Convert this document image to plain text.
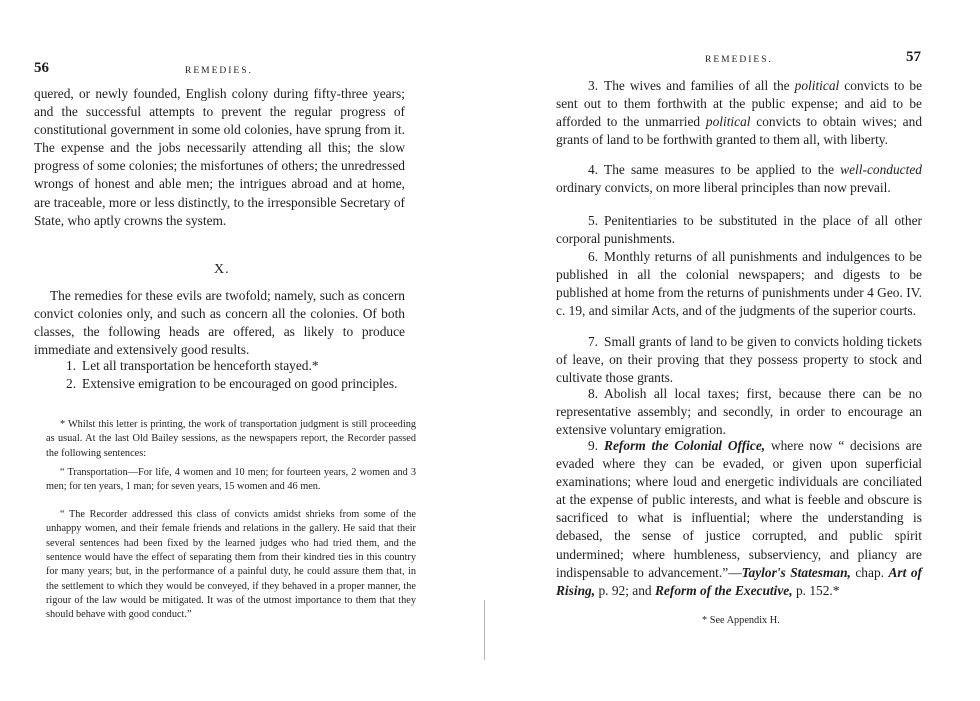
56	REMEDIES.

quered, or newly founded, English colony during fifty-three years; and the successful attempts to prevent the regular progress of constitutional government in some old colonies, have sprung from it. The expense and the jobs necessarily attending all this; the slow progress of some colonies; the misfortunes of others; the unredressed wrongs of honest and able men; the intrigues abroad and at home, are traceable, more or less distinctly, to the irresponsible Secretary of State, who aptly crowns the system.

X.

The remedies for these evils are twofold; namely, such as concern convict colonies only, and such as concern all the colonies. Of both classes, the following heads are offered, as likely to produce immediate and extensively good results.

1. Let all transportation be henceforth stayed.*

2. Extensive emigration to be encouraged on good principles.

* Whilst this letter is printing, the work of transportation judgment is still proceeding as usual. At the last Old Bailey sessions, as the newspapers report, the Recorder passed the following sentences:

“ Transportation—For life, 4 women and 10 men; for fourteen years, 2 women and 3 men; for ten years, 1 man; for seven years, 15 women and 46 men.

“ The Recorder addressed this class of convicts amidst shrieks from some of the unhappy women, and their female friends and relations in the gallery. He said that their several sentences had been fixed by the learned judges who had tried them, and the sentence would have the effect of separating them from their kindred ties in this country for many years; but, in the performance of a painful duty, he could assure them that, in the settlement to which they would be conveyed, if they behaved in a proper manner, the rigour of the law would be mitigated. It was of the utmost importance to them that they should behave with good conduct.”

REMEDIES.	57

3. The wives and families of all the political convicts to be sent out to them forthwith at the public expense; and aid to be afforded to the unmarried political convicts to obtain wives; and grants of land to be forthwith granted to them all, with liberty.

4. The same measures to be applied to the well-conducted ordinary convicts, on more liberal principles than now prevail.

5. Penitentiaries to be substituted in the place of all other corporal punishments.

6. Monthly returns of all punishments and indulgences to be published in all the colonial newspapers; and digests to be published at home from the returns of punishments under 4 Geo. IV. c. 19, and similar Acts, and of the judgments of the superior courts.

7. Small grants of land to be given to convicts holding tickets of leave, on their proving that they possess property to stock and cultivate those grants.

8. Abolish all local taxes; first, because there can be no representative assembly; and secondly, in order to encourage an extensive voluntary emigration.

9. Reform the Colonial Office, where now “ decisions are evaded where they can be evaded, or given upon superficial examinations; where loud and energetic individuals are conciliated at the expense of public interests, and what is feeble and obscure is sacrificed to what is influential; where the understanding is debased, the sense of justice corrupted, and public spirit undermined; where humbleness, subserviency, and pliancy are indispensable to advancement.”—Taylor's Statesman, chap. Art of Rising, p. 92; and Reform of the Executive, p. 152.*

* See Appendix H.
